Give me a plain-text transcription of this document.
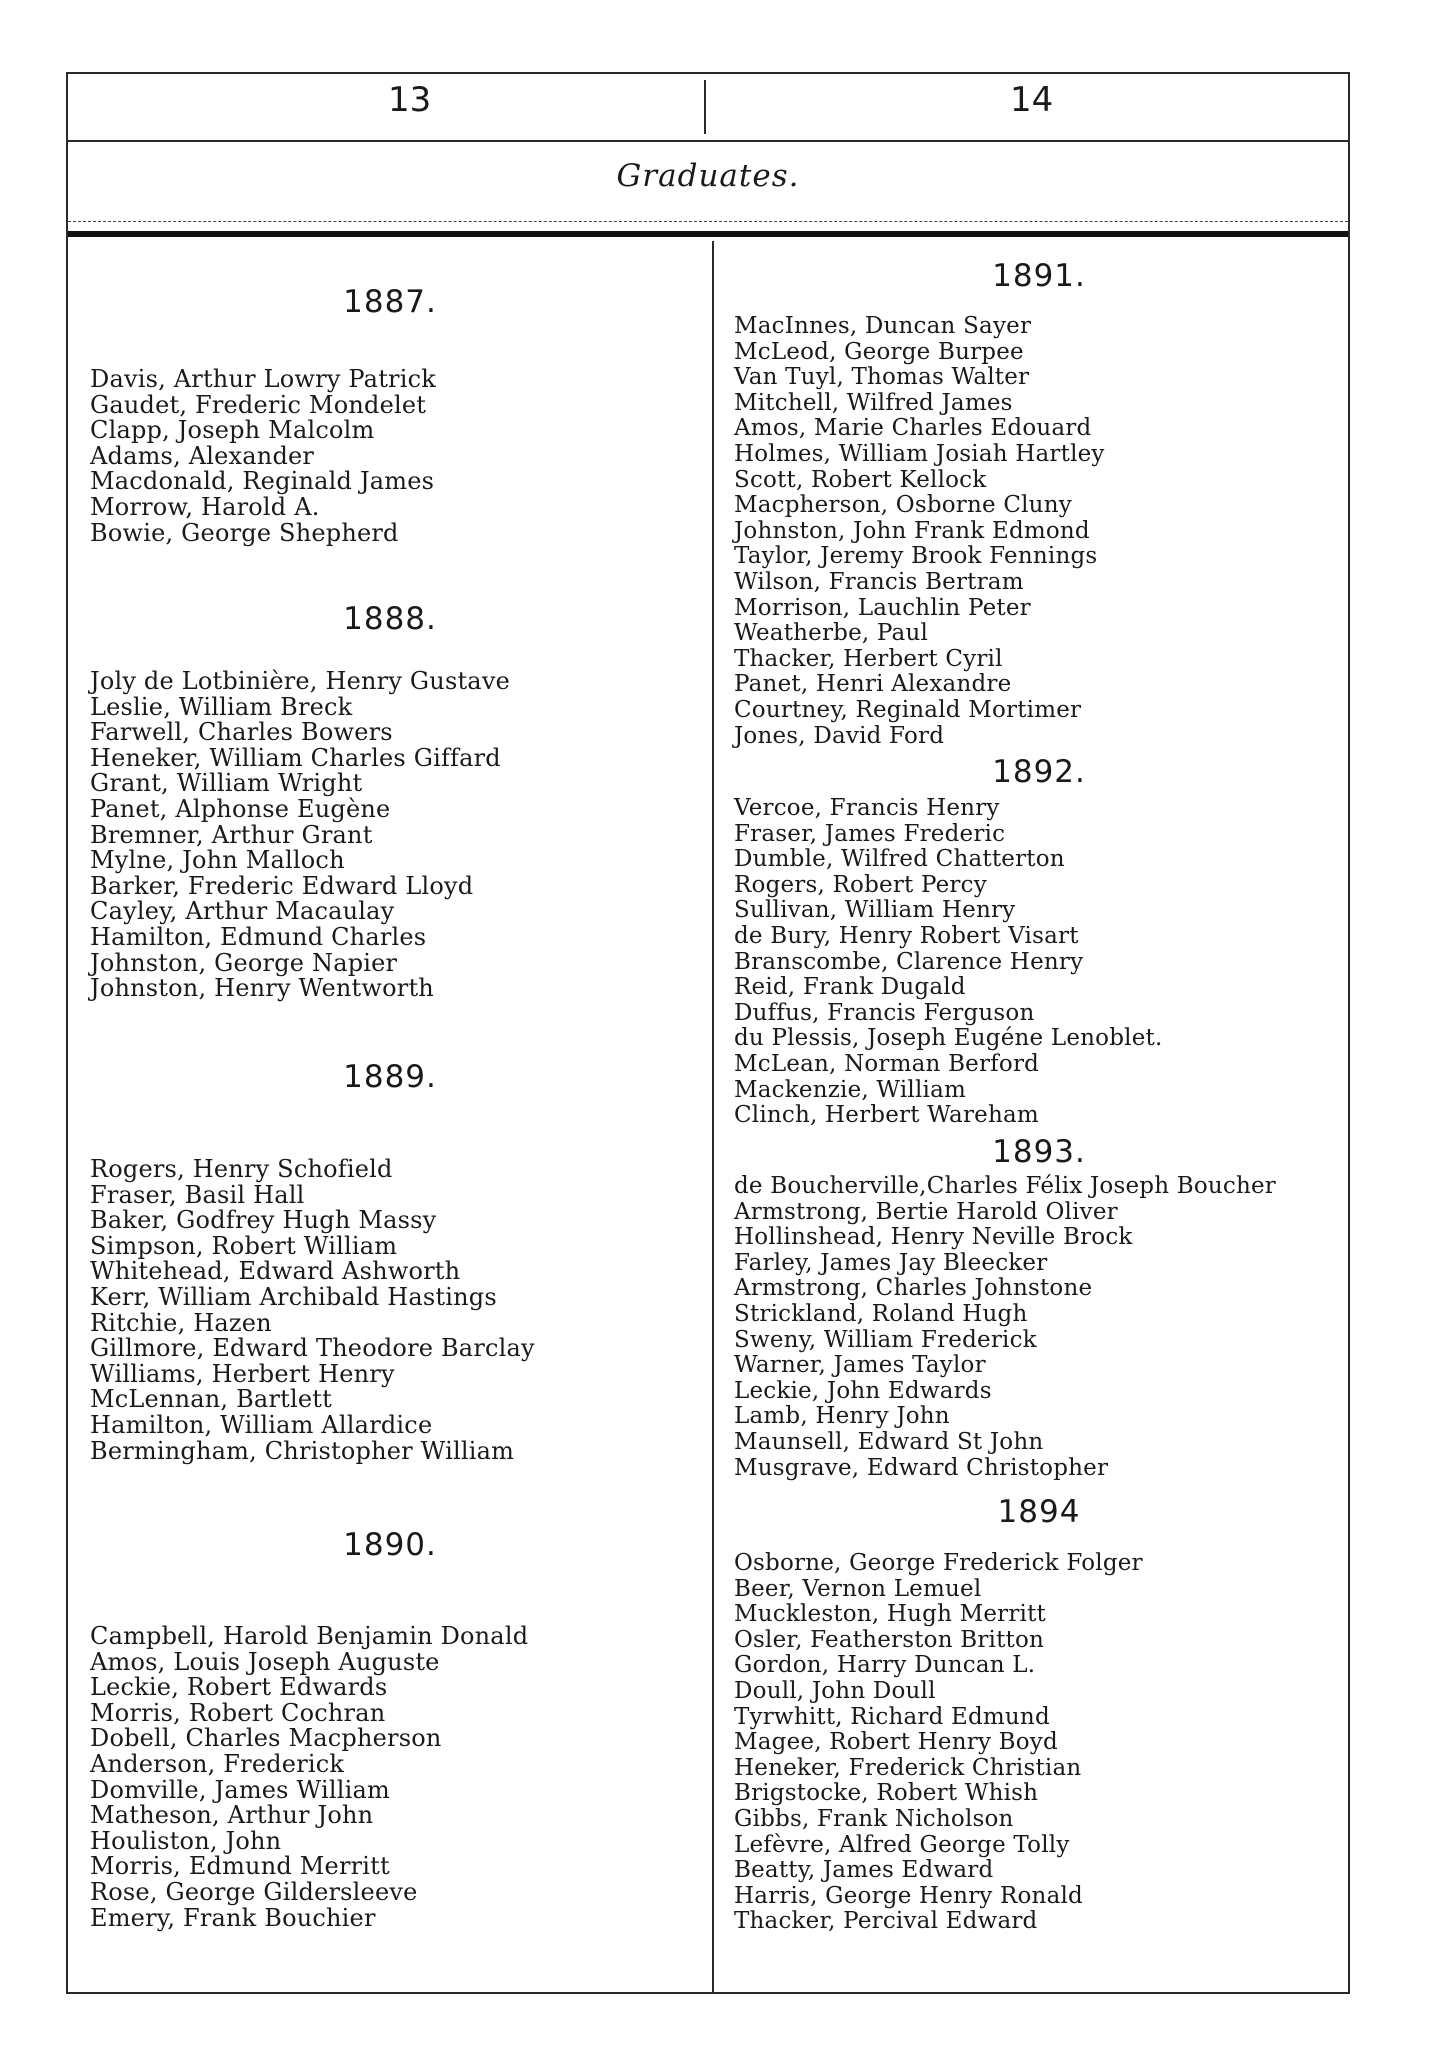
13	14
Graduates.
1887.
Davis, Arthur Lowry Patrick
Gaudet, Frederic Mondelet
Clapp, Joseph Malcolm
Adams, Alexander
Macdonald, Reginald James
Morrow, Harold A.
Bowie, George Shepherd
1888.
Joly de Lotbinière, Henry Gustave
Leslie, William Breck
Farwell, Charles Bowers
Heneker, William Charles Giffard
Grant, William Wright
Panet, Alphonse Eugène
Bremner, Arthur Grant
Mylne, John Malloch
Barker, Frederic Edward Lloyd
Cayley, Arthur Macaulay
Hamilton, Edmund Charles
Johnston, George Napier
Johnston, Henry Wentworth
1889.
Rogers, Henry Schofield
Fraser, Basil Hall
Baker, Godfrey Hugh Massy
Simpson, Robert William
Whitehead, Edward Ashworth
Kerr, William Archibald Hastings
Ritchie, Hazen
Gillmore, Edward Theodore Barclay
Williams, Herbert Henry
McLennan, Bartlett
Hamilton, William Allardice
Bermingham, Christopher William
1890.
Campbell, Harold Benjamin Donald
Amos, Louis Joseph Auguste
Leckie, Robert Edwards
Morris, Robert Cochran
Dobell, Charles Macpherson
Anderson, Frederick
Domville, James William
Matheson, Arthur John
Houliston, John
Morris, Edmund Merritt
Rose, George Gildersleeve
Emery, Frank Bouchier
1891.
MacInnes, Duncan Sayer
McLeod, George Burpee
Van Tuyl, Thomas Walter
Mitchell, Wilfred James
Amos, Marie Charles Edouard
Holmes, William Josiah Hartley
Scott, Robert Kellock
Macpherson, Osborne Cluny
Johnston, John Frank Edmond
Taylor, Jeremy Brook Fennings
Wilson, Francis Bertram
Morrison, Lauchlin Peter
Weatherbe, Paul
Thacker, Herbert Cyril
Panet, Henri Alexandre
Courtney, Reginald Mortimer
Jones, David Ford
1892.
Vercoe, Francis Henry
Fraser, James Frederic
Dumble, Wilfred Chatterton
Rogers, Robert Percy
Sullivan, William Henry
de Bury, Henry Robert Visart
Branscombe, Clarence Henry
Reid, Frank Dugald
Duffus, Francis Ferguson
du Plessis, Joseph Eugéne Lenoblet.
McLean, Norman Berford
Mackenzie, William
Clinch, Herbert Wareham
1893.
de Boucherville,Charles Félix Joseph Boucher
Armstrong, Bertie Harold Oliver
Hollinshead, Henry Neville Brock
Farley, James Jay Bleecker
Armstrong, Charles Johnstone
Strickland, Roland Hugh
Sweny, William Frederick
Warner, James Taylor
Leckie, John Edwards
Lamb, Henry John
Maunsell, Edward St John
Musgrave, Edward Christopher
1894
Osborne, George Frederick Folger
Beer, Vernon Lemuel
Muckleston, Hugh Merritt
Osler, Featherston Britton
Gordon, Harry Duncan L.
Doull, John Doull
Tyrwhitt, Richard Edmund
Magee, Robert Henry Boyd
Heneker, Frederick Christian
Brigstocke, Robert Whish
Gibbs, Frank Nicholson
Lefèvre, Alfred George Tolly
Beatty, James Edward
Harris, George Henry Ronald
Thacker, Percival Edward
